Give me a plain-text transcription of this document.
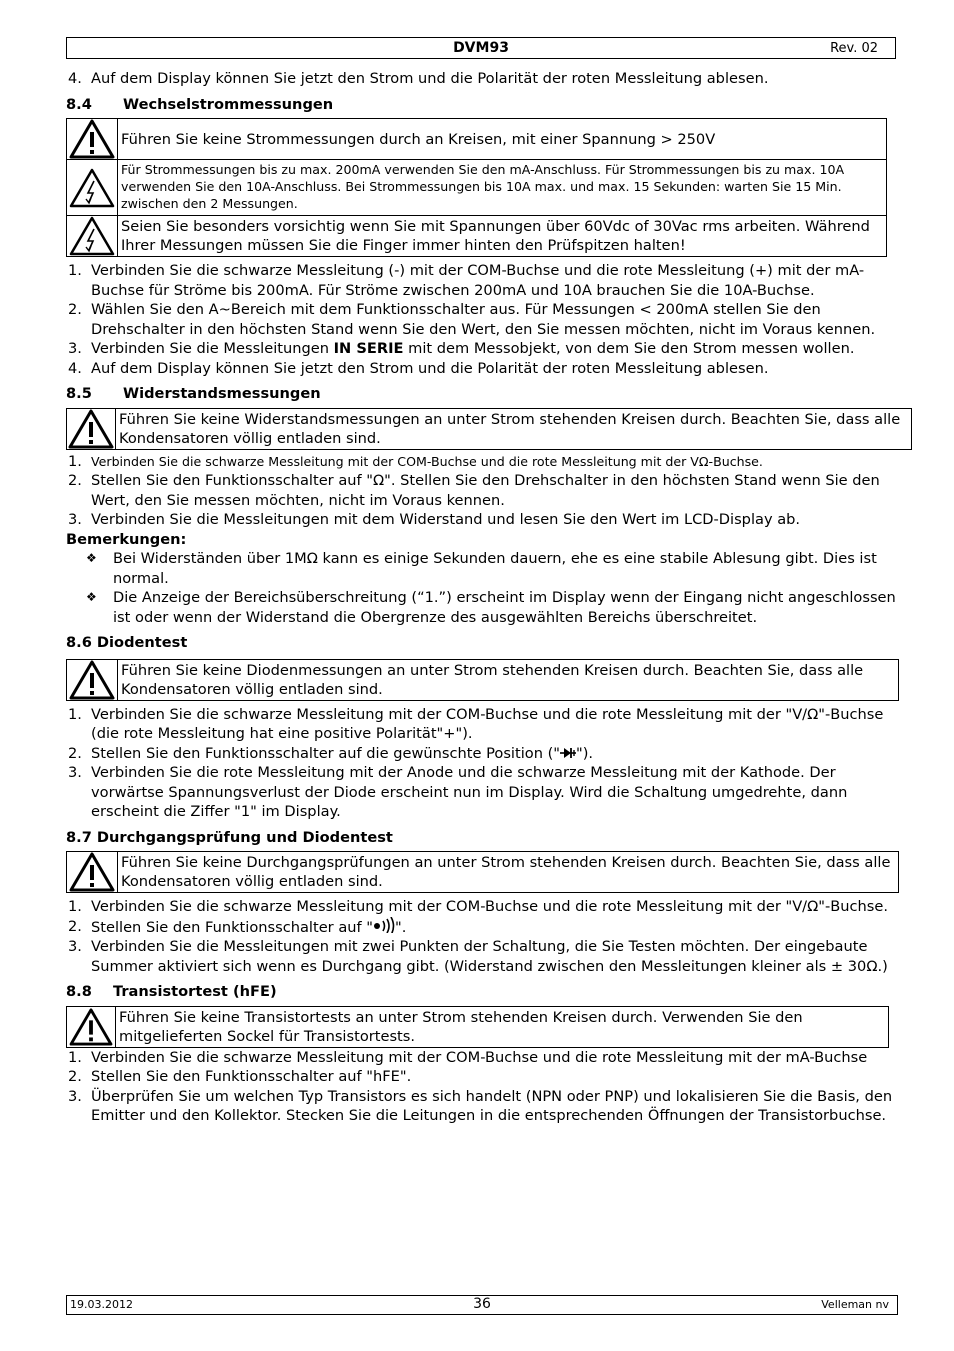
DVM93	Rev. 02
4. Auf dem Display können Sie jetzt den Strom und die Polarität der roten Messleitung ablesen.
8.4 Wechselstrommessungen
	Führen Sie keine Strommessungen durch an Kreisen, mit einer Spannung > 250V

	Für Strommessungen bis zu max. 200mA verwenden Sie den mA-Anschluss. Für Strommessungen bis zu max. 10A verwenden Sie den 10A-Anschluss. Bei Strommessungen bis 10A max. und max. 15 Sekunden: warten Sie 15 Min. zwischen den 2 Messungen.

	Seien Sie besonders vorsichtig wenn Sie mit Spannungen über 60Vdc of 30Vac rms arbeiten. Während Ihrer Messungen müssen Sie die Finger immer hinten den Prüfspitzen halten!
1. Verbinden Sie die schwarze Messleitung (-) mit der COM-Buchse und die rote Messleitung (+) mit der mA-Buchse für Ströme bis 200mA. Für Ströme zwischen 200mA und 10A brauchen Sie die 10A-Buchse.
2. Wählen Sie den A~Bereich mit dem Funktionsschalter aus. Für Messungen < 200mA stellen Sie den Drehschalter in den höchsten Stand wenn Sie den Wert, den Sie messen möchten, nicht im Voraus kennen.
3. Verbinden Sie die Messleitungen IN SERIE mit dem Messobjekt, von dem Sie den Strom messen wollen.
4. Auf dem Display können Sie jetzt den Strom und die Polarität der roten Messleitung ablesen.
8.5 Widerstandsmessungen
	Führen Sie keine Widerstandsmessungen an unter Strom stehenden Kreisen durch. Beachten Sie, dass alle Kondensatoren völlig entladen sind.
1. Verbinden Sie die schwarze Messleitung mit der COM-Buchse und die rote Messleitung mit der VΩ-Buchse.
2. Stellen Sie den Funktionsschalter auf "Ω". Stellen Sie den Drehschalter in den höchsten Stand wenn Sie den Wert, den Sie messen möchten, nicht im Voraus kennen.
3. Verbinden Sie die Messleitungen mit dem Widerstand und lesen Sie den Wert im LCD-Display ab.

Bemerkungen:

❖ Bei Widerständen über 1MΩ kann es einige Sekunden dauern, ehe es eine stabile Ablesung gibt. Dies ist normal.
❖ Die Anzeige der Bereichsüberschreitung (“1.”) erscheint im Display wenn der Eingang nicht angeschlossen ist oder wenn der Widerstand die Obergrenze des ausgewählten Bereichs überschreitet.
8.6 Diodentest
	Führen Sie keine Diodenmessungen an unter Strom stehenden Kreisen durch. Beachten Sie, dass alle Kondensatoren völlig entladen sind.
1. Verbinden Sie die schwarze Messleitung mit der COM-Buchse und die rote Messleitung mit der "V/Ω"-Buchse (die rote Messleitung hat eine positive Polarität"+").
2. Stellen Sie den Funktionsschalter auf die gewünschte Position (" ").
3. Verbinden Sie die rote Messleitung mit der Anode und die schwarze Messleitung mit der Kathode. Der vorwärtse Spannungsverlust der Diode erscheint nun im Display. Wird die Schaltung umgedrehte, dann erscheint die Ziffer "1" im Display.
8.7 Durchgangsprüfung und Diodentest
	Führen Sie keine Durchgangsprüfungen an unter Strom stehenden Kreisen durch. Beachten Sie, dass alle Kondensatoren völlig entladen sind.
1. Verbinden Sie die schwarze Messleitung mit der COM-Buchse und die rote Messleitung mit der "V/Ω"-Buchse.
2. Stellen Sie den Funktionsschalter auf " ".
3. Verbinden Sie die Messleitungen mit zwei Punkten der Schaltung, die Sie Testen möchten. Der eingebaute Summer aktiviert sich wenn es Durchgang gibt. (Widerstand zwischen den Messleitungen kleiner als ± 30Ω.)
8.8 Transistortest (hFE)
	Führen Sie keine Transistortests an unter Strom stehenden Kreisen durch. Verwenden Sie den mitgelieferten Sockel für Transistortests.
1. Verbinden Sie die schwarze Messleitung mit der COM-Buchse und die rote Messleitung mit der mA-Buchse
2. Stellen Sie den Funktionsschalter auf "hFE".
3. Überprüfen Sie um welchen Typ Transistors es sich handelt (NPN oder PNP) und lokalisieren Sie die Basis, den Emitter und den Kollektor. Stecken Sie die Leitungen in die entsprechenden Öffnungen der Transistorbuchse.
19.03.2012	36	Velleman nv
